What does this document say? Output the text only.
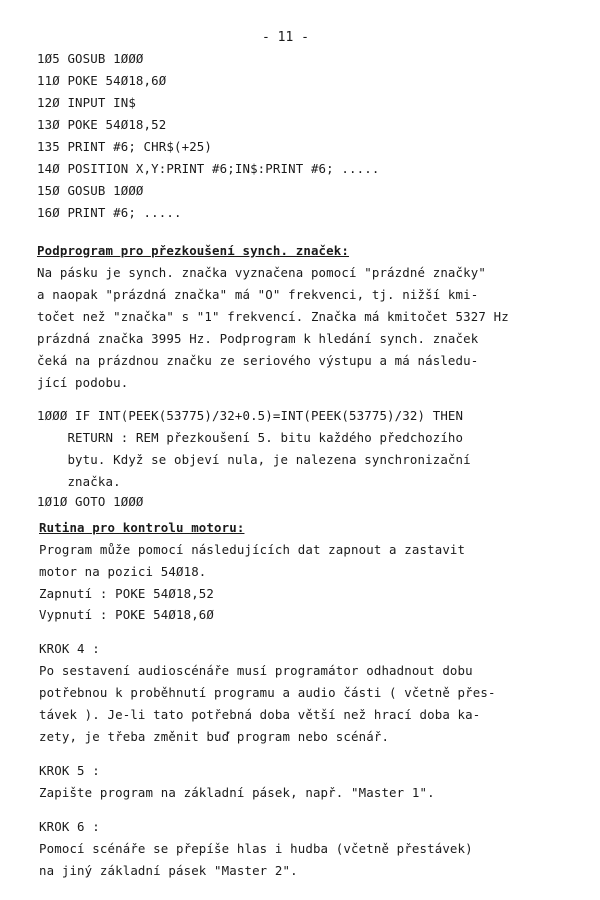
- 11 -
1Ø5 GOSUB 1ØØØ
11Ø POKE 54Ø18,6Ø
12Ø INPUT IN$
13Ø POKE 54Ø18,52
135 PRINT #6; CHR$(+25)
14Ø POSITION X,Y:PRINT #6;IN$:PRINT #6; .....
15Ø GOSUB 1ØØØ
16Ø PRINT #6; .....
Podprogram pro přezkoušení synch. značek:
Na pásku je synch. značka vyznačena pomocí "prázdné značky"
a naopak "prázdná značka" má "O" frekvenci, tj. nižší kmi-
točet než "značka" s "1" frekvencí. Značka má kmitočet 5327 Hz
prázdná značka 3995 Hz. Podprogram k hledání synch. značek
čeká na prázdnou značku ze seriového výstupu a má následu-
jící podobu.
1ØØØ IF INT(PEEK(53775)/32+0.5)=INT(PEEK(53775)/32) THEN
RETURN : REM přezkoušení 5. bitu každého předchozího
bytu. Když se objeví nula, je nalezena synchronizační
značka.
1Ø1Ø GOTO 1ØØØ
Rutina pro kontrolu motoru:
Program může pomocí následujících dat zapnout a zastavit
motor na pozici 54Ø18.
Zapnutí : POKE 54Ø18,52
Vypnutí : POKE 54Ø18,6Ø
KROK 4 :
Po sestavení audioscénáře musí programátor odhadnout dobu
potřebnou k proběhnutí programu a audio části ( včetně přes-
távek ). Je-li tato potřebná doba větší než hrací doba ka-
zety, je třeba změnit buď program nebo scénář.
KROK 5 :
Zapište program na základní pásek, např. "Master 1".
KROK 6 :
Pomocí scénáře se přepíše hlas i hudba (včetně přestávek)
na jiný základní pásek "Master 2".
